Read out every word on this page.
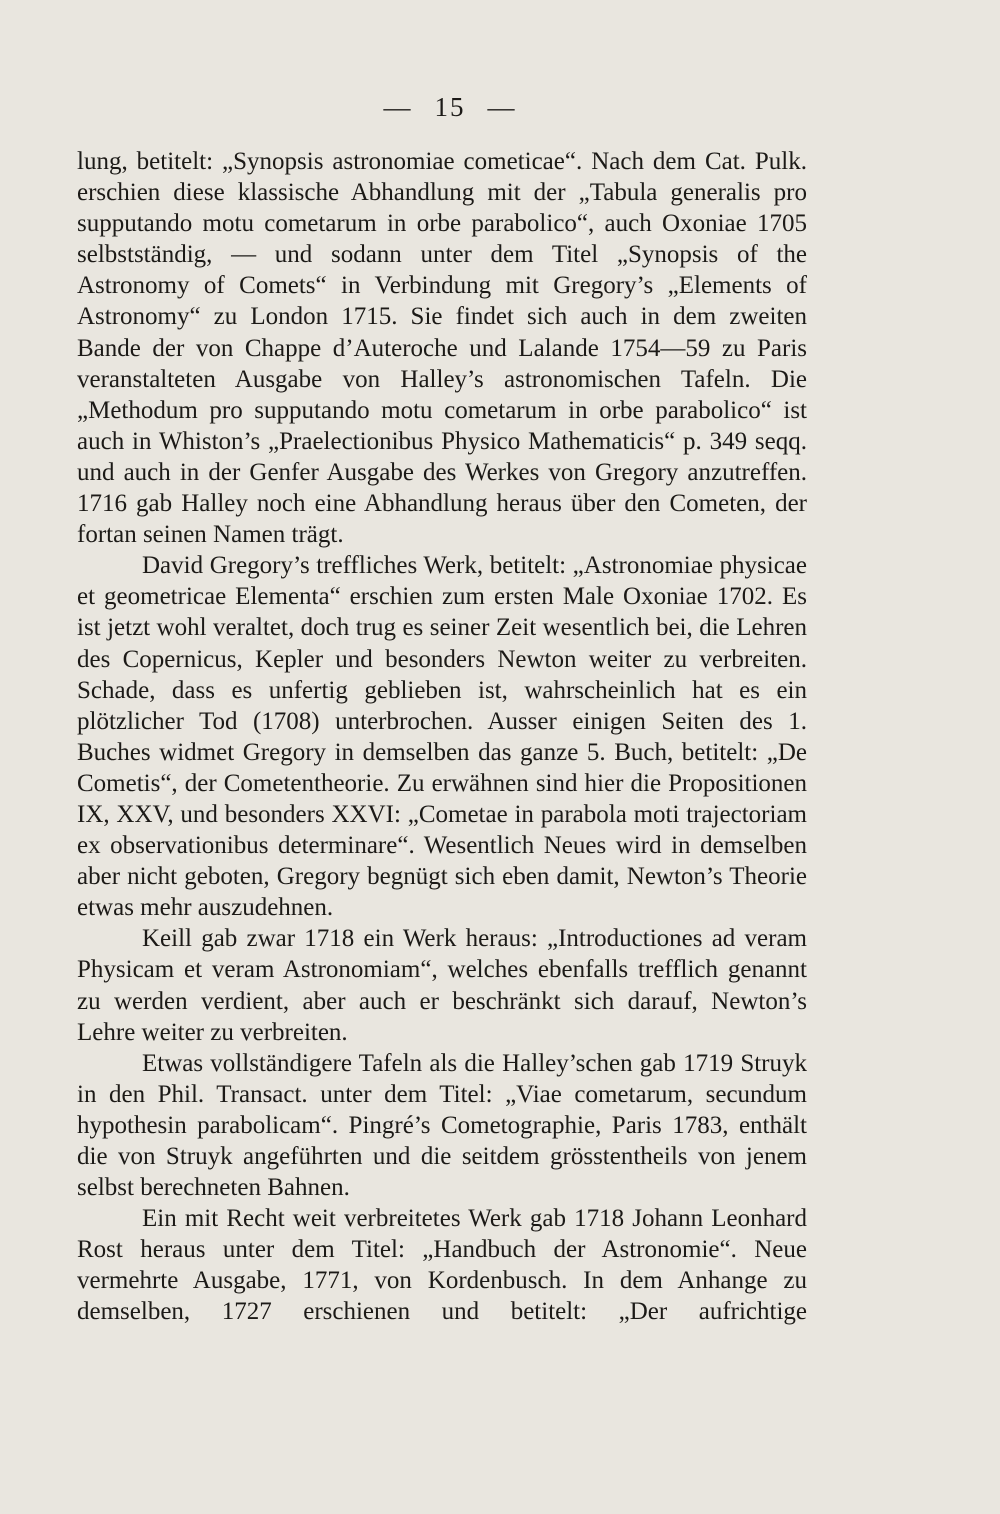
— 15 —

lung, betitelt: „Synopsis astronomiae cometicae“. Nach dem Cat. Pulk. erschien diese klassische Abhandlung mit der „Tabula generalis pro supputando motu cometarum in orbe parabolico“, auch Oxoniae 1705 selbstständig, — und sodann unter dem Titel „Synopsis of the Astronomy of Comets“ in Verbindung mit Gregory’s „Elements of Astronomy“ zu London 1715. Sie findet sich auch in dem zweiten Bande der von Chappe d’Auteroche und Lalande 1754—59 zu Paris veranstalteten Ausgabe von Halley’s astronomischen Tafeln. Die „Methodum pro supputando motu cometarum in orbe parabolico“ ist auch in Whiston’s „Praelectionibus Physico Mathematicis“ p. 349 seqq. und auch in der Genfer Ausgabe des Werkes von Gregory anzutreffen. 1716 gab Halley noch eine Abhandlung heraus über den Cometen, der fortan seinen Namen trägt.

David Gregory’s treffliches Werk, betitelt: „Astronomiae physicae et geometricae Elementa“ erschien zum ersten Male Oxoniae 1702. Es ist jetzt wohl veraltet, doch trug es seiner Zeit wesentlich bei, die Lehren des Copernicus, Kepler und besonders Newton weiter zu verbreiten. Schade, dass es unfertig geblieben ist, wahrscheinlich hat es ein plötzlicher Tod (1708) unterbrochen. Ausser einigen Seiten des 1. Buches widmet Gregory in demselben das ganze 5. Buch, betitelt: „De Cometis“, der Cometentheorie. Zu erwähnen sind hier die Propositionen IX, XXV, und besonders XXVI: „Cometae in parabola moti trajectoriam ex observationibus determinare“. Wesentlich Neues wird in demselben aber nicht geboten, Gregory begnügt sich eben damit, Newton’s Theorie etwas mehr auszudehnen.

Keill gab zwar 1718 ein Werk heraus: „Introductiones ad veram Physicam et veram Astronomiam“, welches ebenfalls trefflich genannt zu werden verdient, aber auch er beschränkt sich darauf, Newton’s Lehre weiter zu verbreiten.

Etwas vollständigere Tafeln als die Halley’schen gab 1719 Struyk in den Phil. Transact. unter dem Titel: „Viae cometarum, secundum hypothesin parabolicam“. Pingré’s Cometographie, Paris 1783, enthält die von Struyk angeführten und die seitdem grösstentheils von jenem selbst berechneten Bahnen.

Ein mit Recht weit verbreitetes Werk gab 1718 Johann Leonhard Rost heraus unter dem Titel: „Handbuch der Astronomie“. Neue vermehrte Ausgabe, 1771, von Kordenbusch. In dem Anhange zu demselben, 1727 erschienen und betitelt: „Der aufrichtige
